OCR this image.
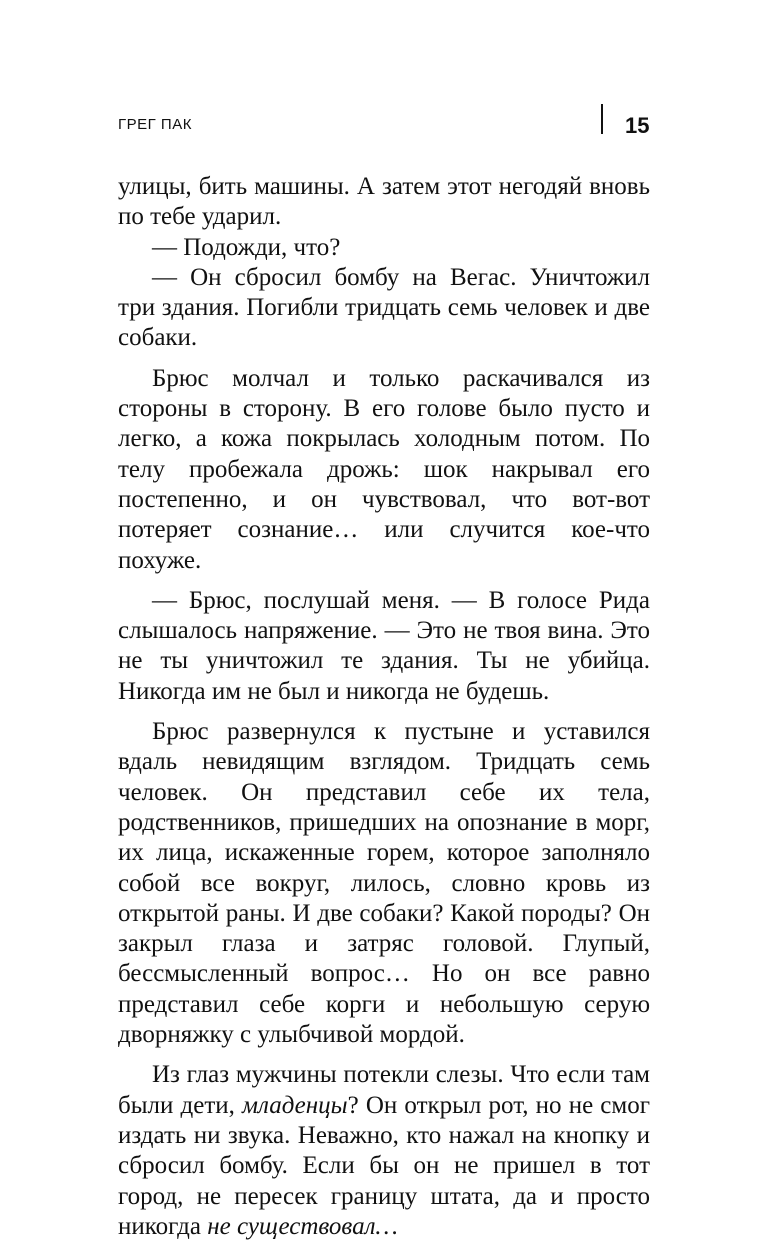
ГРЕГ ПАК	15

улицы, бить машины. А затем этот негодяй вновь по тебе ударил.

— Подожди, что?

— Он сбросил бомбу на Вегас. Уничтожил три здания. Погибли тридцать семь человек и две собаки.

Брюс молчал и только раскачивался из стороны в сторону. В его голове было пусто и легко, а кожа покрылась холодным потом. По телу пробежала дрожь: шок накрывал его постепенно, и он чувствовал, что вот-вот потеряет сознание… или случится кое-что похуже.

— Брюс, послушай меня. — В голосе Рида слышалось напряжение. — Это не твоя вина. Это не ты уничтожил те здания. Ты не убийца. Никогда им не был и никогда не будешь.

Брюс развернулся к пустыне и уставился вдаль невидящим взглядом. Тридцать семь человек. Он представил себе их тела, родственников, пришедших на опознание в морг, их лица, искаженные горем, которое заполняло собой все вокруг, лилось, словно кровь из открытой раны. И две собаки? Какой породы? Он закрыл глаза и затряс головой. Глупый, бессмысленный вопрос… Но он все равно представил себе корги и небольшую серую дворняжку с улыбчивой мордой.

Из глаз мужчины потекли слезы. Что если там были дети, младенцы? Он открыл рот, но не смог издать ни звука. Неважно, кто нажал на кнопку и сбросил бомбу. Если бы он не пришел в тот город, не пересек границу штата, да и просто никогда не существовал…
